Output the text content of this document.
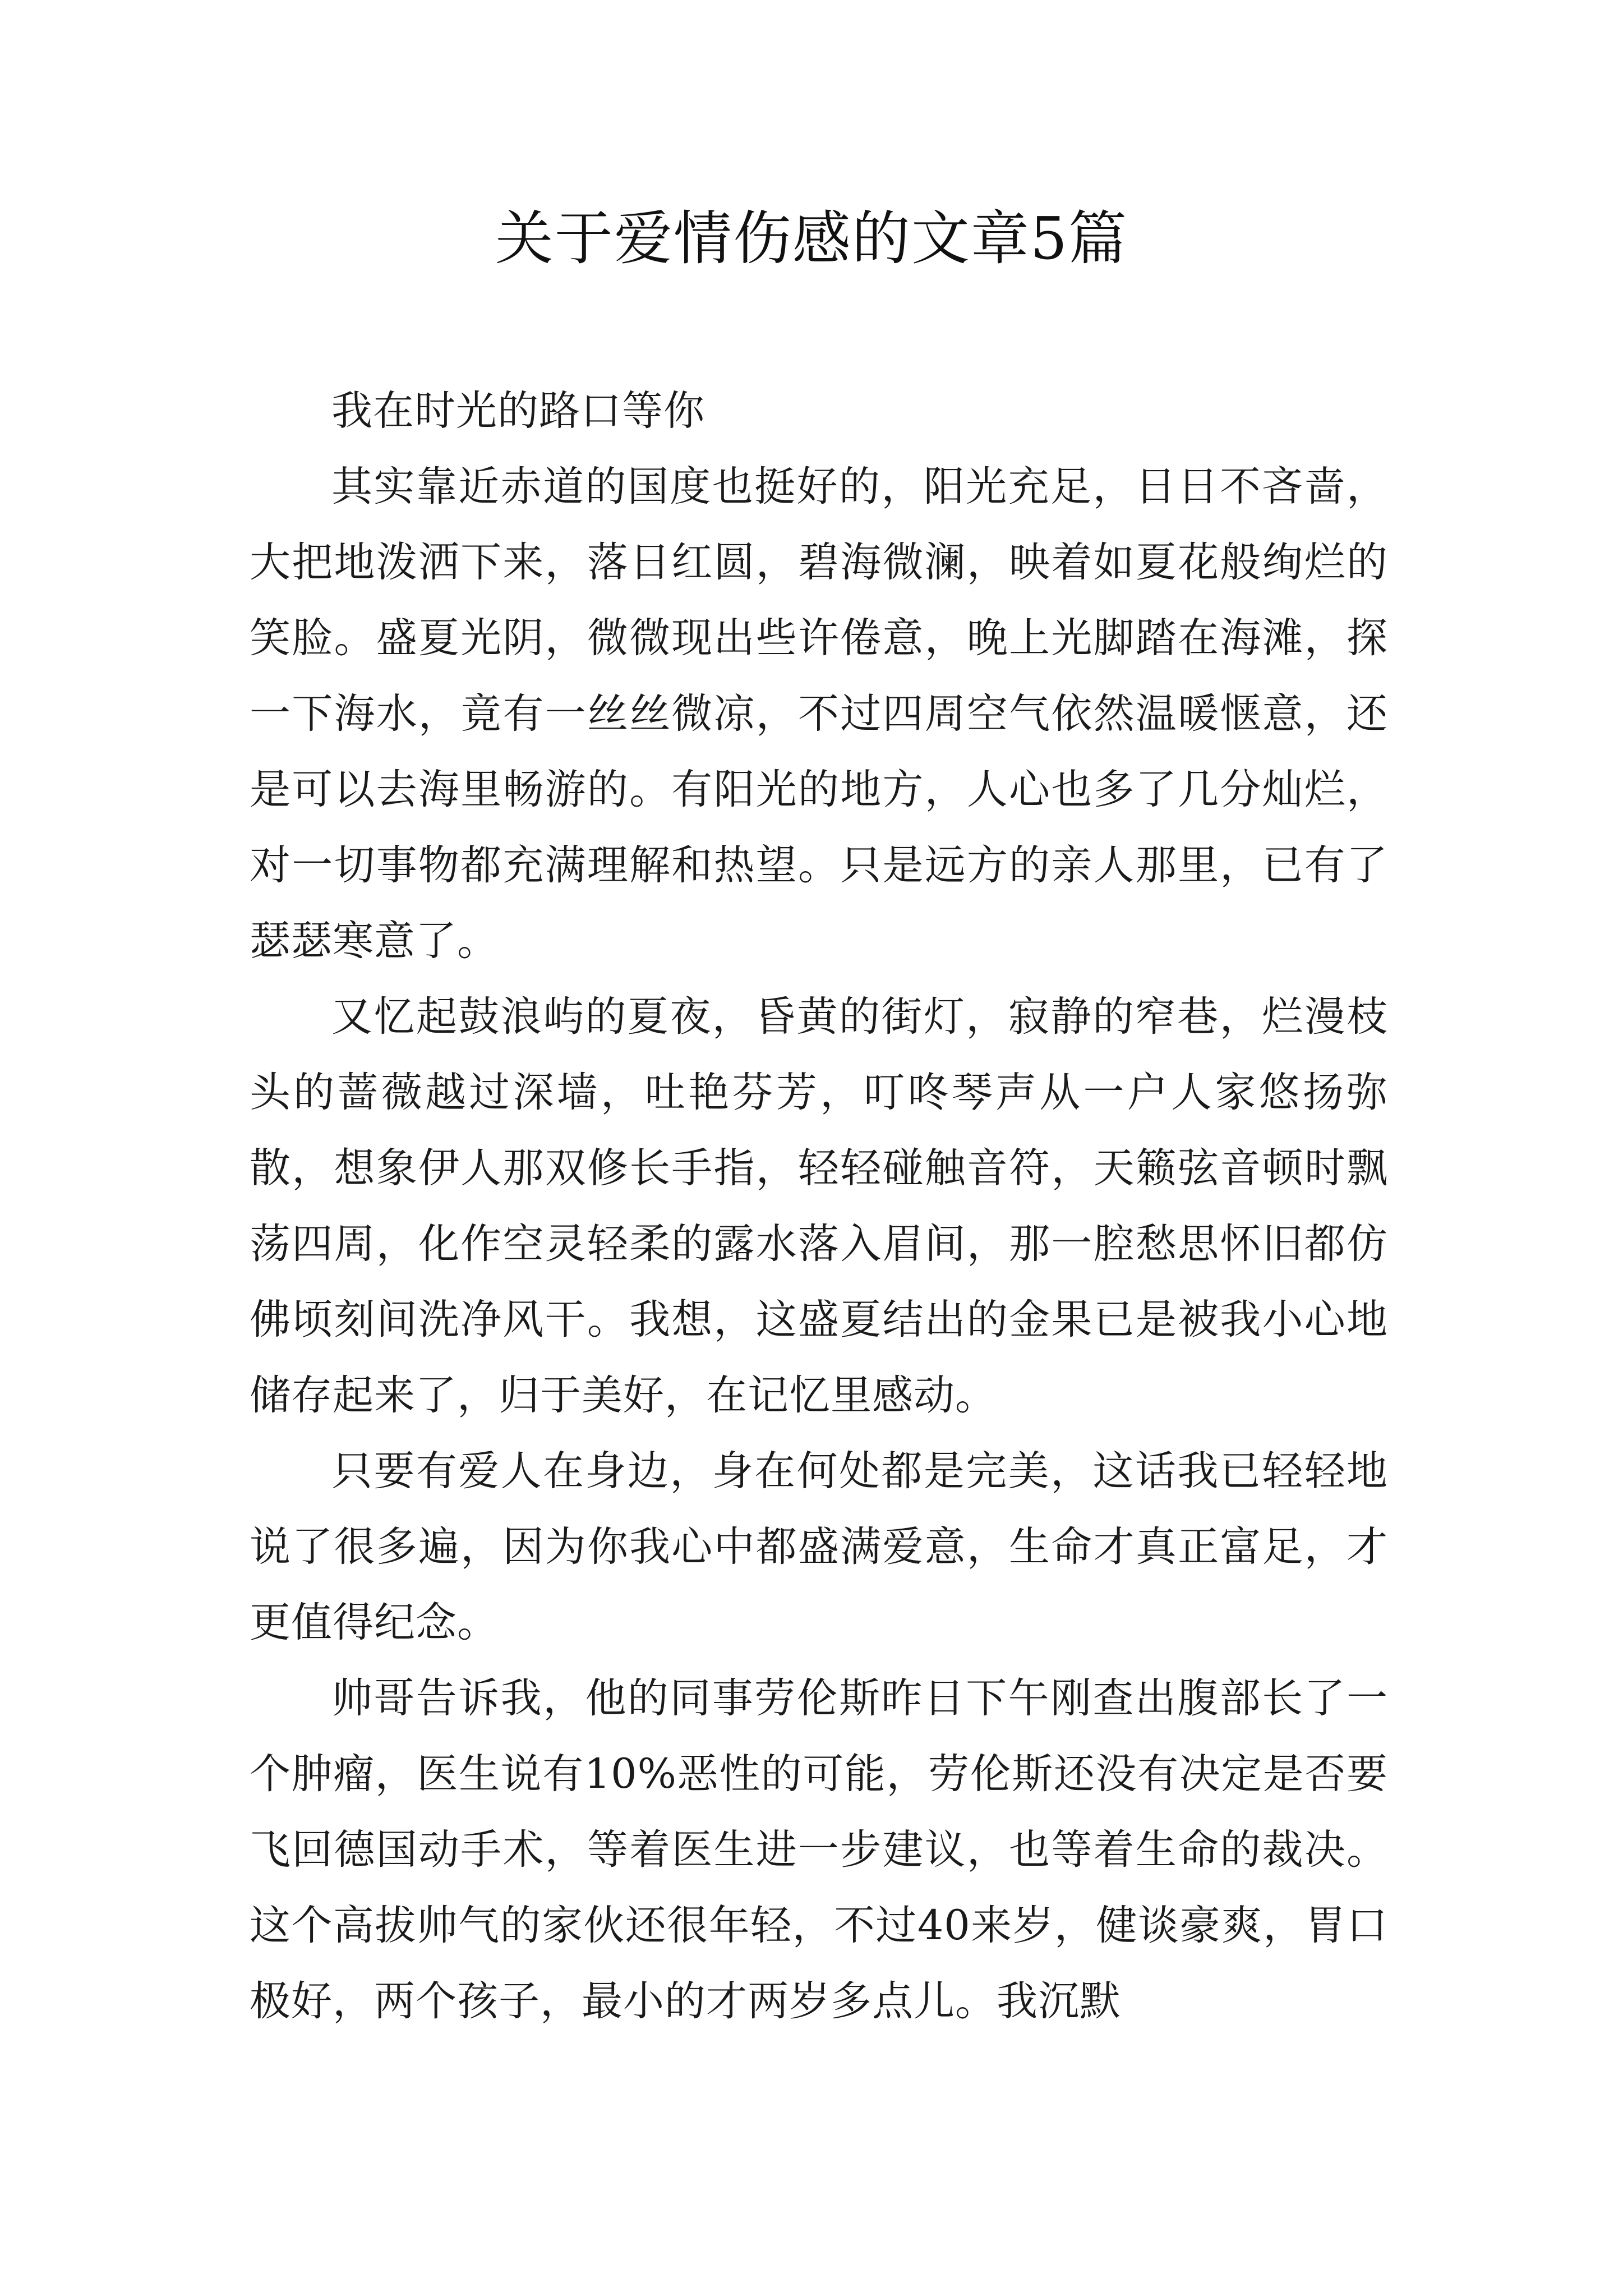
关于爱情伤感的文章5篇

我在时光的路口等你

其实靠近赤道的国度也挺好的，阳光充足，日日不吝啬，大把地泼洒下来，落日红圆，碧海微澜，映着如夏花般绚烂的笑脸。盛夏光阴，微微现出些许倦意，晚上光脚踏在海滩，探一下海水，竟有一丝丝微凉，不过四周空气依然温暖惬意，还是可以去海里畅游的。有阳光的地方，人心也多了几分灿烂，对一切事物都充满理解和热望。只是远方的亲人那里，已有了瑟瑟寒意了。

又忆起鼓浪屿的夏夜，昏黄的街灯，寂静的窄巷，烂漫枝头的蔷薇越过深墙，吐艳芬芳，叮咚琴声从一户人家悠扬弥散，想象伊人那双修长手指，轻轻碰触音符，天籁弦音顿时飘荡四周，化作空灵轻柔的露水落入眉间，那一腔愁思怀旧都仿佛顷刻间洗净风干。我想，这盛夏结出的金果已是被我小心地储存起来了，归于美好，在记忆里感动。

只要有爱人在身边，身在何处都是完美，这话我已轻轻地说了很多遍，因为你我心中都盛满爱意，生命才真正富足，才更值得纪念。

帅哥告诉我，他的同事劳伦斯昨日下午刚查出腹部长了一个肿瘤，医生说有10%恶性的可能，劳伦斯还没有决定是否要飞回德国动手术，等着医生进一步建议，也等着生命的裁决。这个高拔帅气的家伙还很年轻，不过40来岁，健谈豪爽，胃口极好，两个孩子，最小的才两岁多点儿。我沉默
